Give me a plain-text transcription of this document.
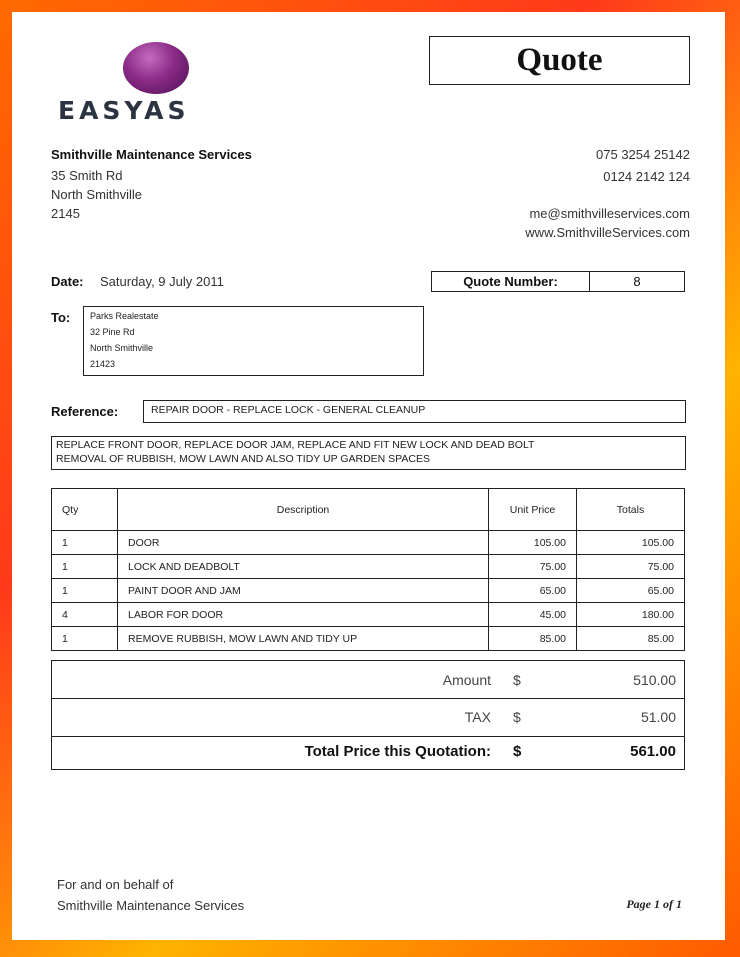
EASYAS
Quote
Smithville Maintenance Services
35 Smith Rd
North Smithville
2145
075 3254 25142
0124 2142 124
me@smithvilleservices.com
www.SmithvilleServices.com
Date: Saturday, 9 July 2011	Quote Number:	8
To: Parks Realestate
32 Pine Rd
North Smithville
21423
Reference:	REPAIR DOOR - REPLACE LOCK - GENERAL CLEANUP
REPLACE FRONT DOOR, REPLACE DOOR JAM, REPLACE AND FIT NEW LOCK AND DEAD BOLT
REMOVAL OF RUBBISH, MOW LAWN AND ALSO TIDY UP GARDEN SPACES
Qty	Description	Unit Price	Totals
1	DOOR	105.00	105.00
1	LOCK AND DEADBOLT	75.00	75.00
1	PAINT DOOR AND JAM	65.00	65.00
4	LABOR FOR DOOR	45.00	180.00
1	REMOVE RUBBISH, MOW LAWN AND TIDY UP	85.00	85.00
Amount $	510.00
TAX $	51.00
Total Price this Quotation: $	561.00
For and on behalf of
Smithville Maintenance Services	Page 1 of 1
